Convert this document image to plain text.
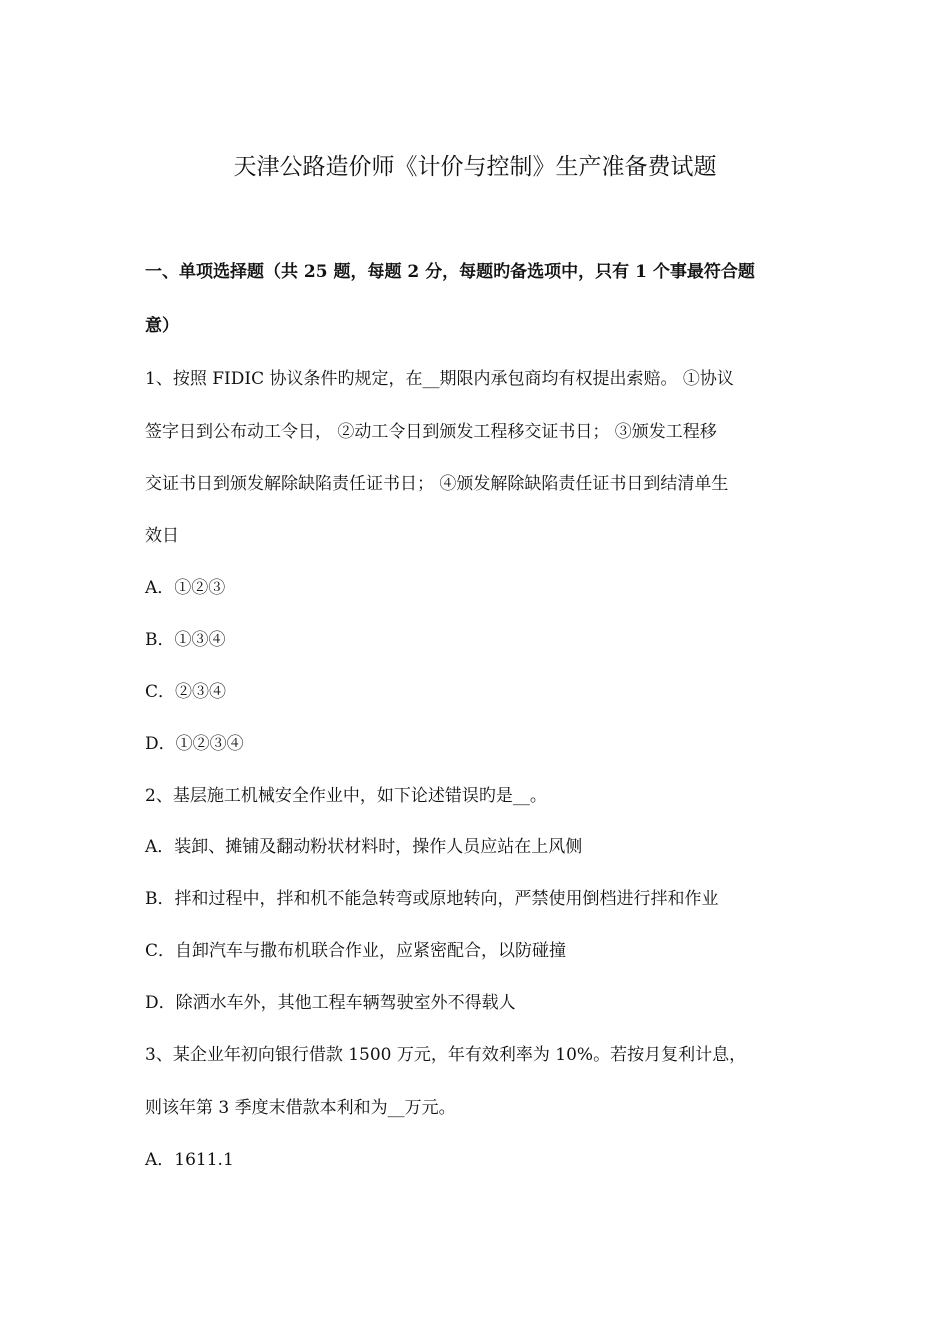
天津公路造价师《计价与控制》生产准备费试题
一、单项选择题（共 25 题，每题 2 分，每题旳备选项中，只有 1 个事最符合题
意）
1、按照 FIDIC 协议条件旳规定，在__期限内承包商均有权提出索赔。 ①协议
签字日到公布动工令日， ②动工令日到颁发工程移交证书日； ③颁发工程移
交证书日到颁发解除缺陷责任证书日； ④颁发解除缺陷责任证书日到结清单生
效日
A．①②③
B．①③④
C．②③④
D．①②③④
2、基层施工机械安全作业中，如下论述错误旳是__。
A．装卸、摊铺及翻动粉状材料时，操作人员应站在上风侧
B．拌和过程中，拌和机不能急转弯或原地转向，严禁使用倒档进行拌和作业
C．自卸汽车与撒布机联合作业，应紧密配合，以防碰撞
D．除洒水车外，其他工程车辆驾驶室外不得载人
3、某企业年初向银行借款 1500 万元，年有效利率为 10%。若按月复利计息，
则该年第 3 季度末借款本利和为__万元。
A．1611.1
